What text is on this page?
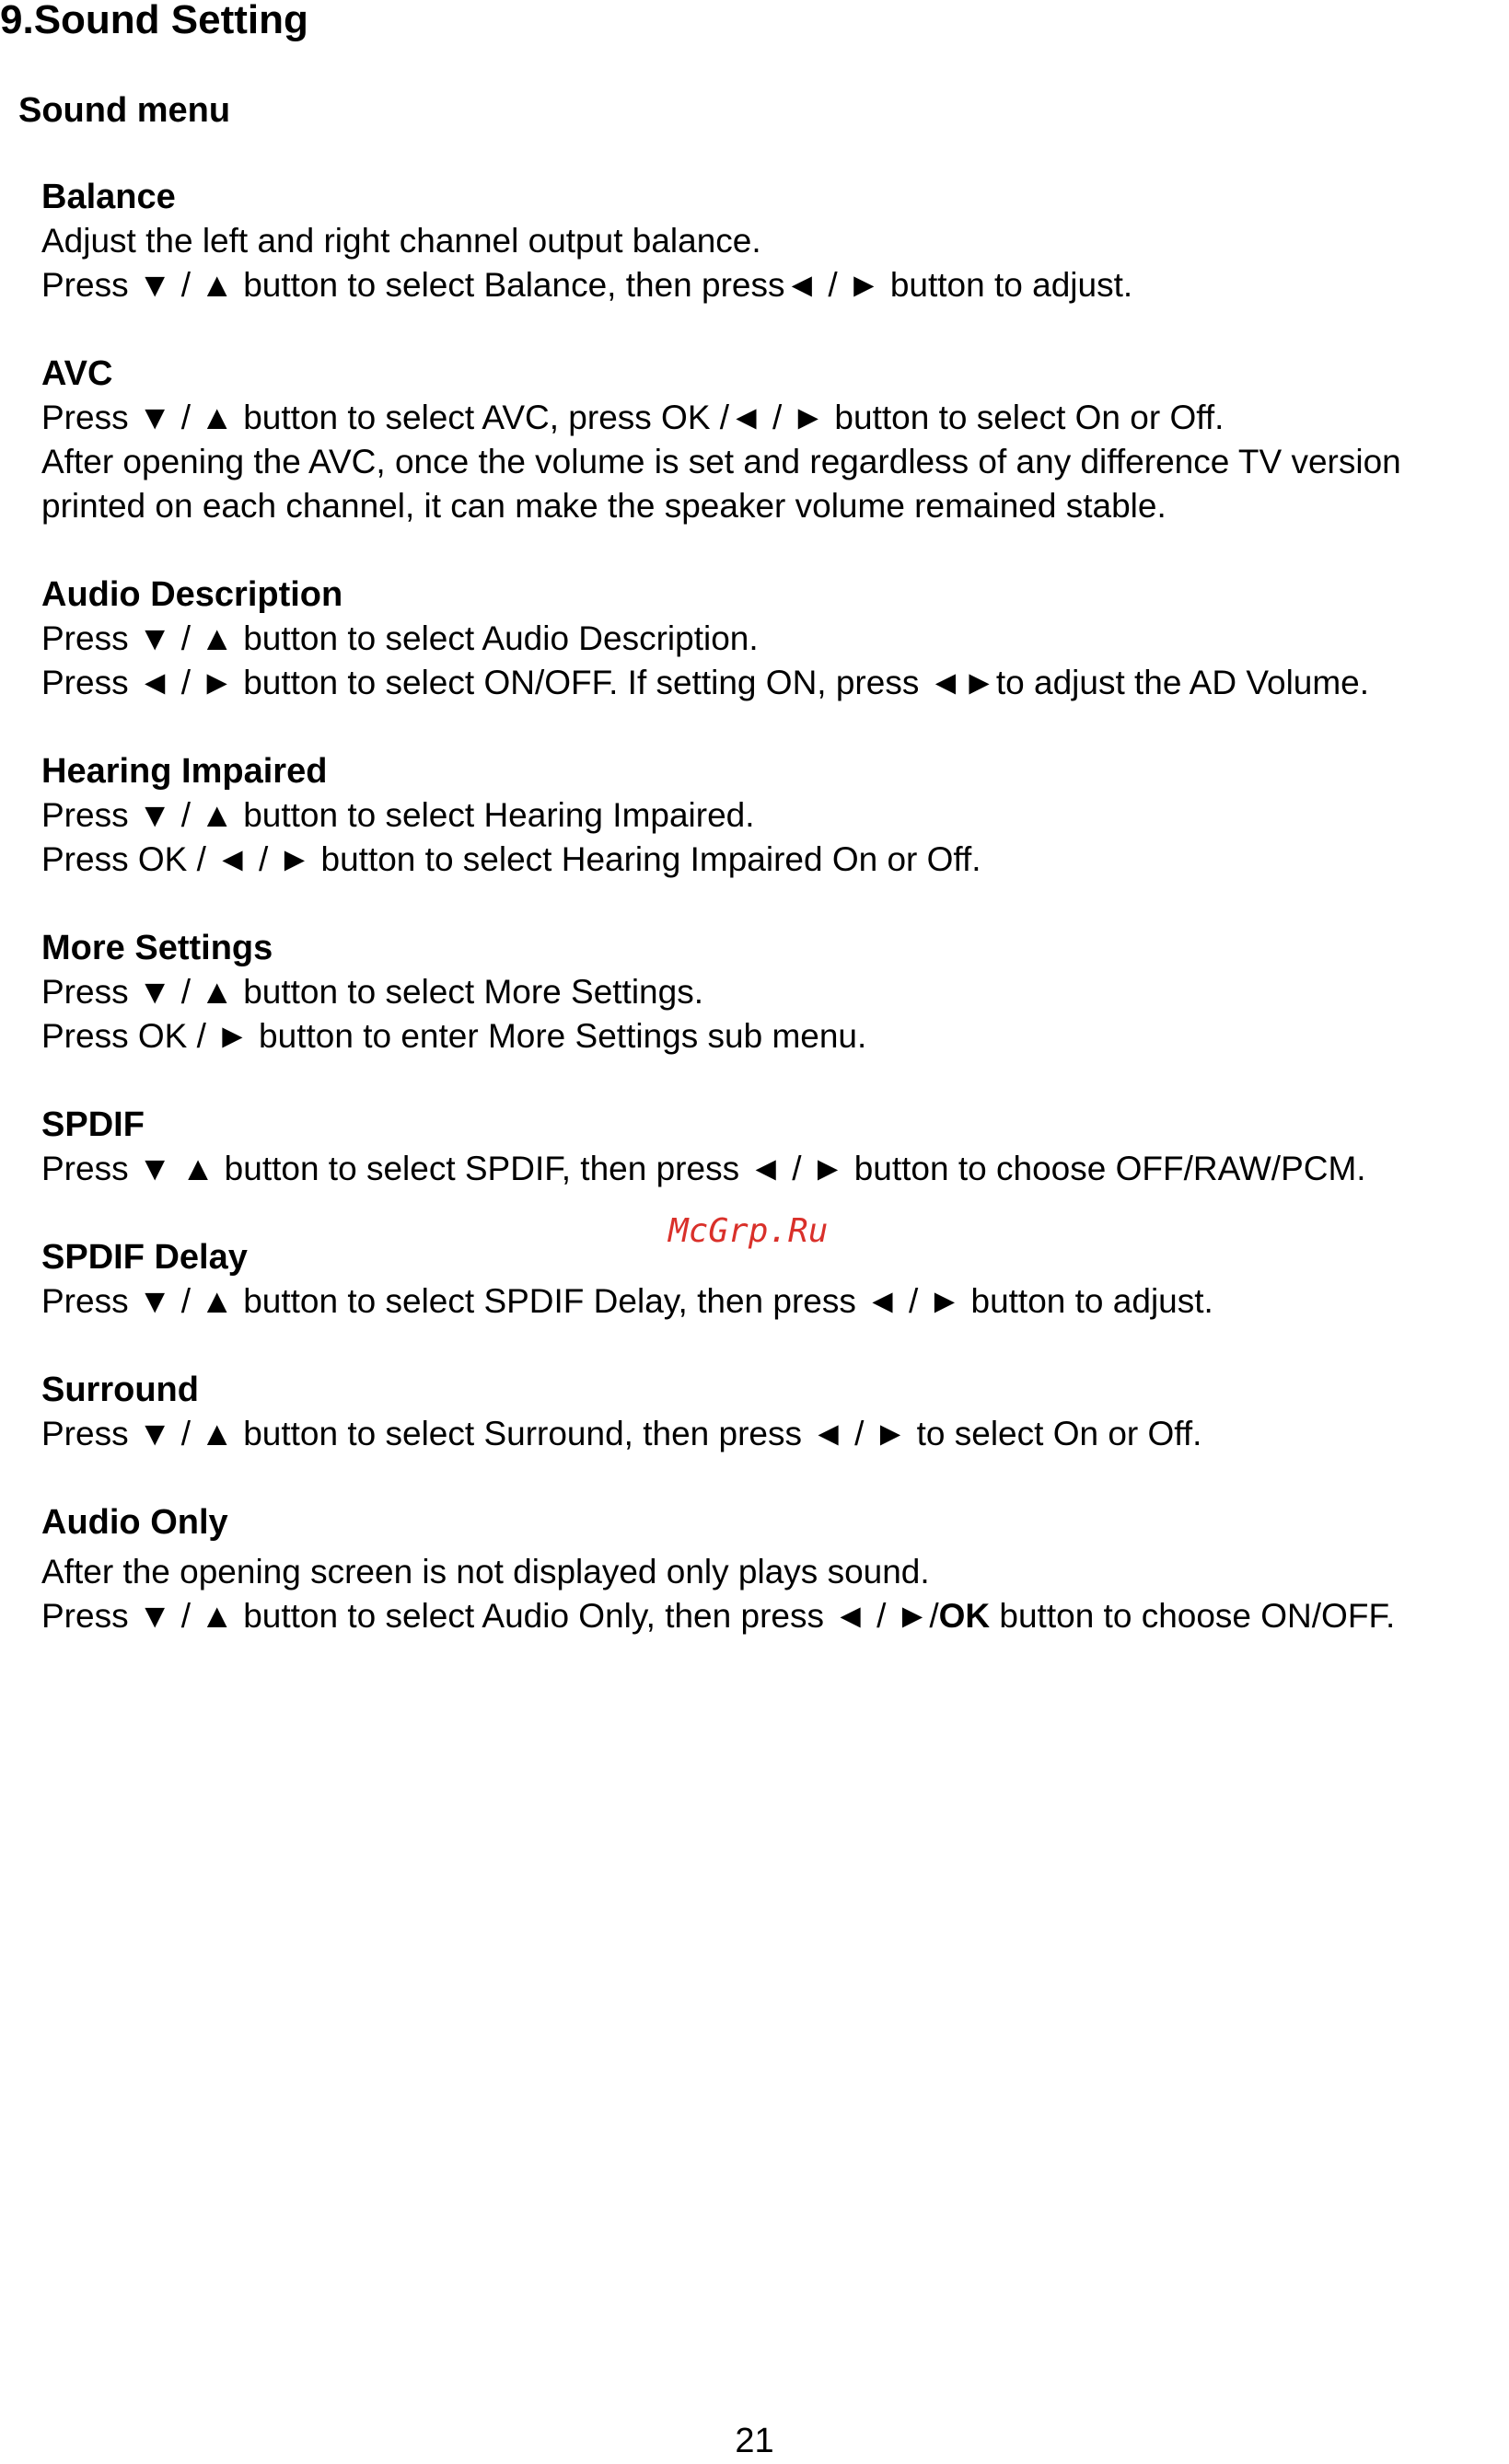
9.Sound Setting
Sound menu
Balance
Adjust the left and right channel output balance.
Press ▼ / ▲ button to select Balance, then press◄ / ► button to adjust.
AVC
Press ▼ / ▲ button to select AVC, press OK /◄ / ► button to select On or Off.
After opening the AVC, once the volume is set and regardless of any difference TV version
printed on each channel, it can make the speaker volume remained stable.
Audio Description
Press ▼ / ▲ button to select Audio Description.
Press ◄ / ► button to select ON/OFF. If setting ON, press ◄►to adjust the AD Volume.
Hearing Impaired
Press ▼ / ▲ button to select Hearing Impaired.
Press OK / ◄ / ► button to select Hearing Impaired On or Off.
More Settings
Press ▼ / ▲ button to select More Settings.
Press OK / ► button to enter More Settings sub menu.
SPDIF
Press ▼ ▲ button to select SPDIF, then press ◄ / ► button to choose OFF/RAW/PCM.
SPDIF Delay
Press ▼ / ▲ button to select SPDIF Delay, then press ◄ / ► button to adjust.
Surround
Press ▼ / ▲ button to select Surround, then press ◄ / ► to select On or Off.
Audio Only
After the opening screen is not displayed only plays sound.
Press ▼ / ▲ button to select Audio Only, then press ◄ / ►/OK button to choose ON/OFF.
McGrp.Ru
21
